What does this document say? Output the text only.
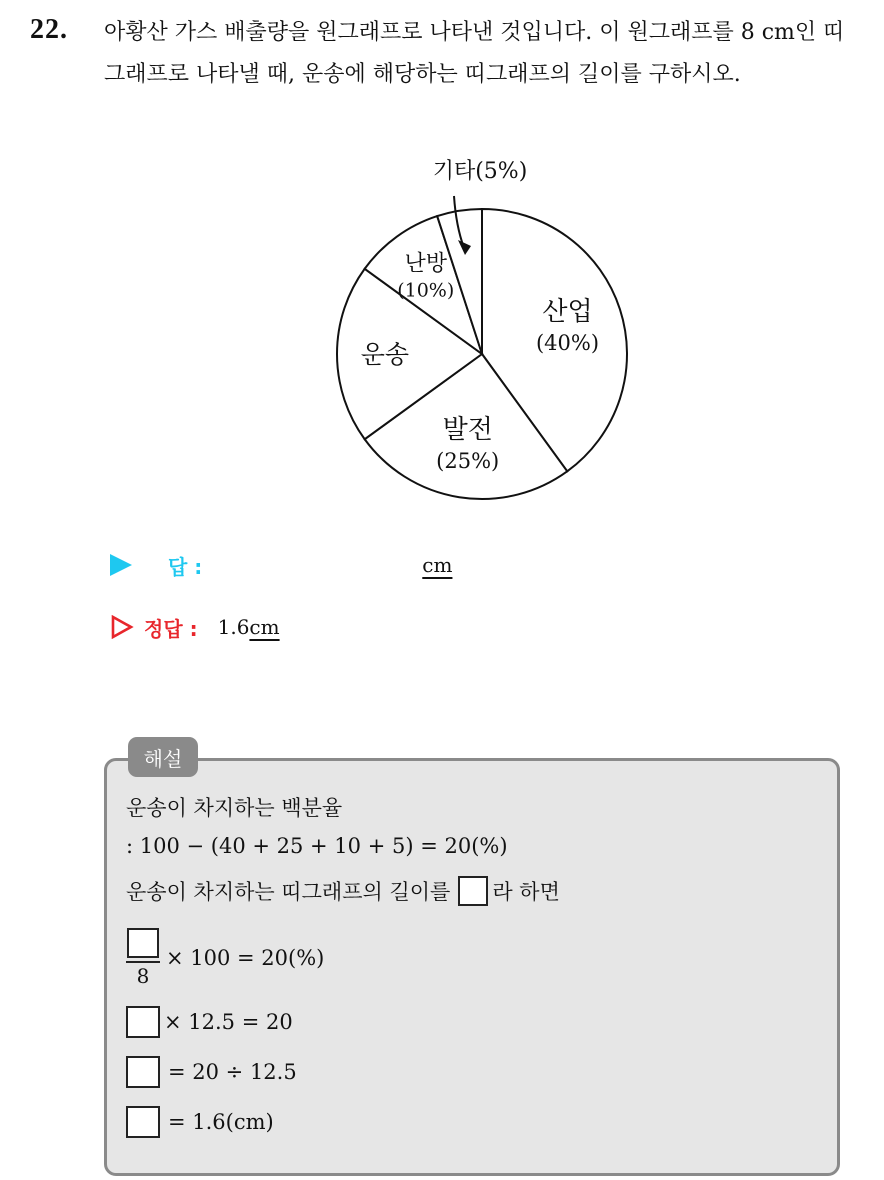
22. 아황산 가스 배출량을 원그래프로 나타낸 것입니다. 이 원그래프를 8 cm인 띠그래프로 나타낼 때, 운송에 해당하는 띠그래프의 길이를 구하시오.

산업
(40%)
발전
(25%)
운송
난방
(10%)
기타(5%)
답 :	cm
정답 : 1.6 cm
해설
운송이 차지하는 백분율
: 100 − (40 + 25 + 10 + 5) = 20(%)
운송이 차지하는 띠그래프의 길이를 라 하면
8
× 100 = 20(%)
× 12.5 = 20
= 20 ÷ 12.5
= 1.6(cm)
